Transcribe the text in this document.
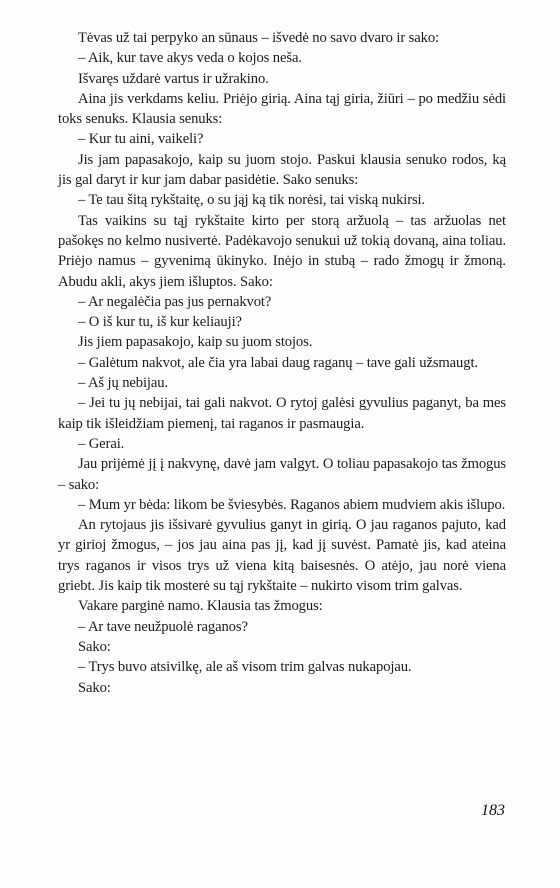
Tėvas už tai perpyko an sūnaus – išvedė no savo dvaro ir sako:

– Aik, kur tave akys veda o kojos neša.

Išvaręs uždarė vartus ir užrakino.

Aina jis verkdams keliu. Priėjo girią. Aina tąj giria, žiūri – po medžiu sėdi toks senuks. Klausia senuks:

– Kur tu aini, vaikeli?

Jis jam papasakojo, kaip su juom stojo. Paskui klausia senuko rodos, ką jis gal daryt ir kur jam dabar pasidėtie. Sako senuks:

– Te tau šitą rykštaitę, o su jąj ką tik norėsi, tai viską nukirsi.

Tas vaikins su tąj rykštaite kirto per storą aržuolą – tas aržuolas net pašokęs no kelmo nusivertė. Padėkavojo senukui už tokią dovaną, aina toliau. Priėjo namus – gyvenimą ūkinyko. Inėjo in stubą – rado žmogų ir žmoną. Abudu akli, akys jiem išluptos. Sako:

– Ar negalėčia pas jus pernakvot?

– O iš kur tu, iš kur keliauji?

Jis jiem papasakojo, kaip su juom stojos.

– Galėtum nakvot, ale čia yra labai daug raganų – tave gali užsmaugt.

– Aš jų nebijau.

– Jei tu jų nebijai, tai gali nakvot. O rytoj galėsi gyvulius paganyt, ba mes kaip tik išleidžiam piemenį, tai raganos ir pasmaugia.

– Gerai.

Jau prijėmė jį į nakvynę, davė jam valgyt. O toliau papasakojo tas žmogus – sako:

– Mum yr bėda: likom be šviesybės. Raganos abiem mudviem akis išlupo.

An rytojaus jis išsivarė gyvulius ganyt in girią. O jau raganos pajuto, kad yr girioj žmogus, – jos jau aina pas jį, kad jį suvėst. Pamatė jis, kad ateina trys raganos ir visos trys už viena kitą baisesnės. O atėjo, jau norė viena griebt. Jis kaip tik mosterė su tąj rykštaite – nukirto visom trim galvas.

Vakare parginė namo. Klausia tas žmogus:

– Ar tave neužpuolė raganos?

Sako:

– Trys buvo atsivilkę, ale aš visom trim galvas nukapojau.

Sako:

183
